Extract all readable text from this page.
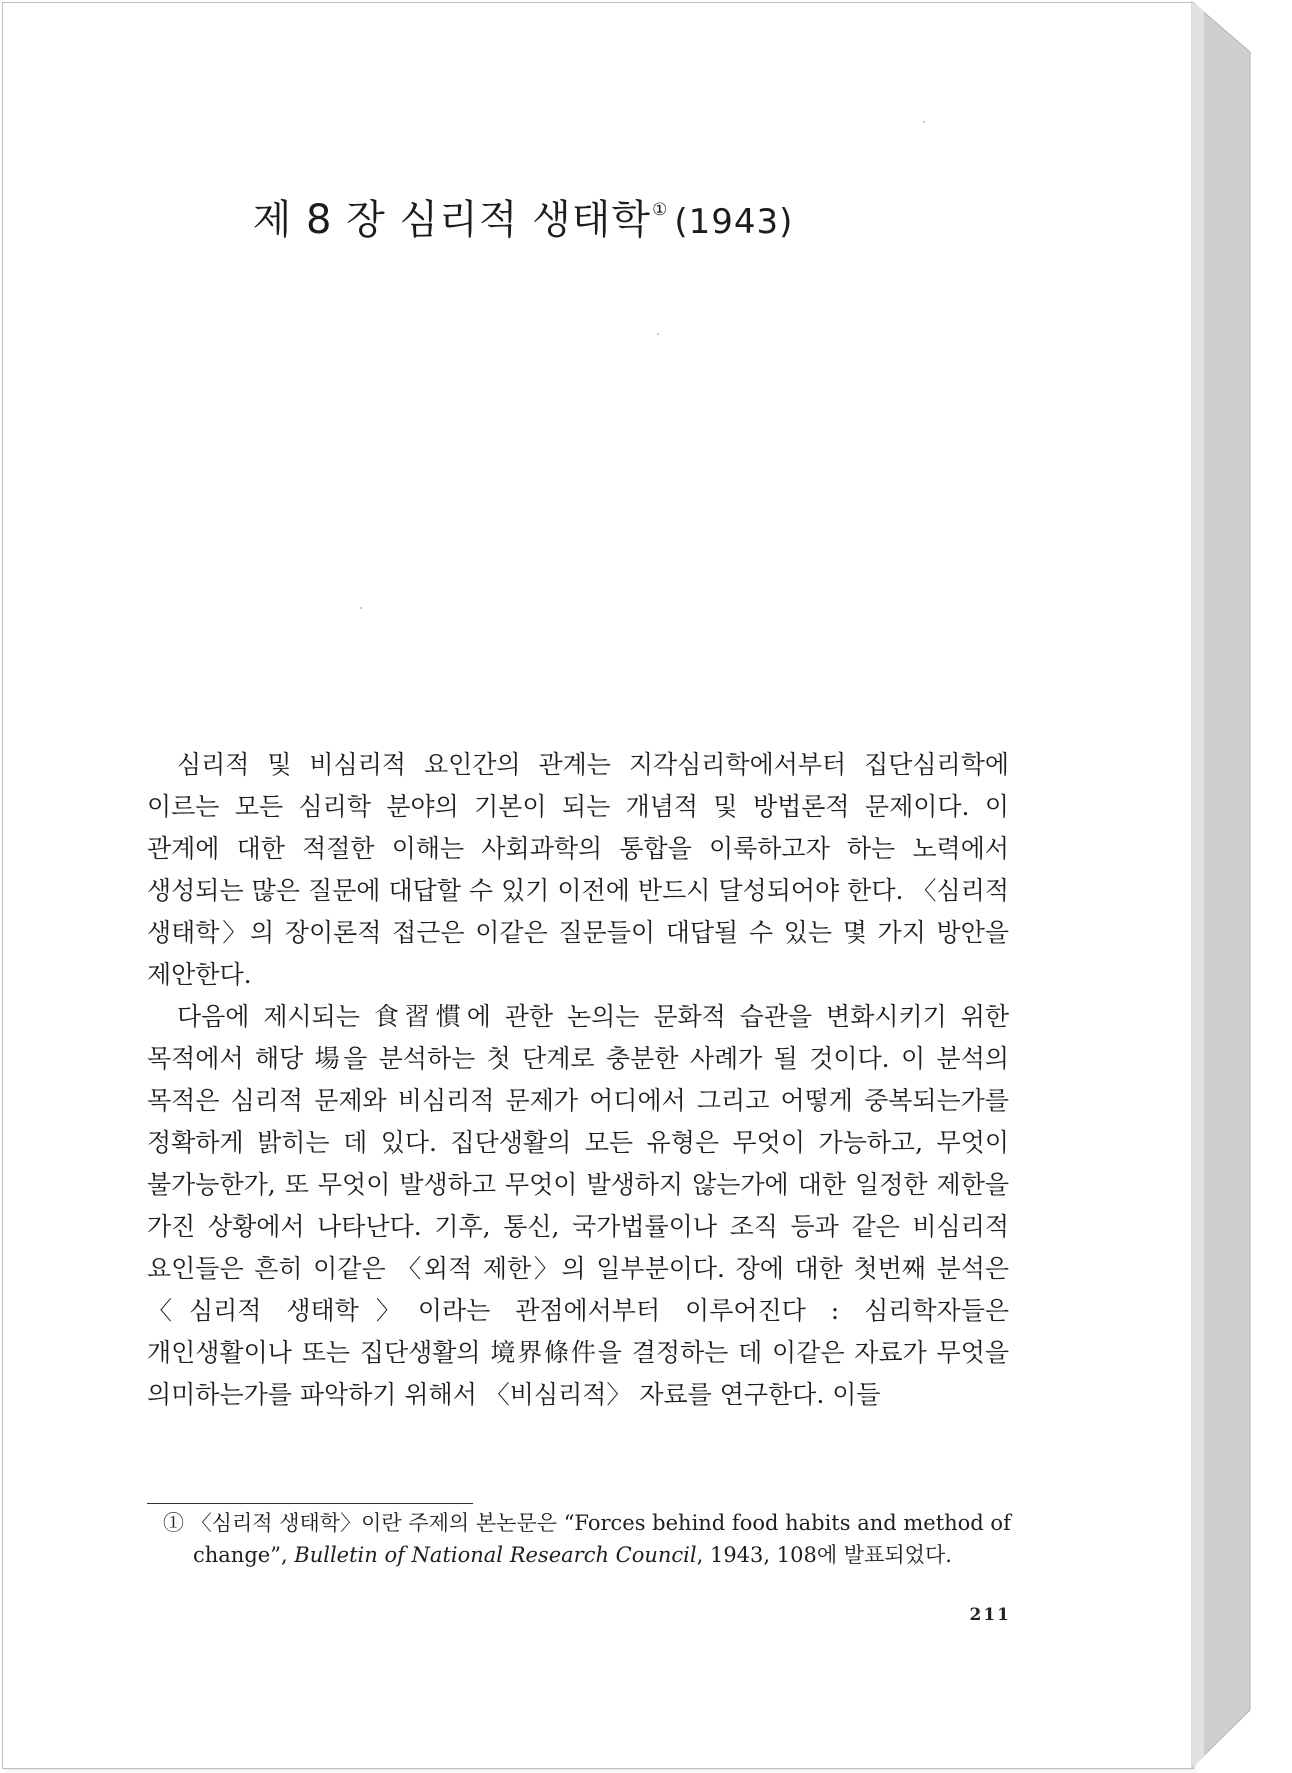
제 8 장 심리적 생태학① (1943)

심리적 및 비심리적 요인간의 관계는 지각심리학에서부터 집단심리학에 이르는 모든 심리학 분야의 기본이 되는 개념적 및 방법론적 문제이다. 이 관계에 대한 적절한 이해는 사회과학의 통합을 이룩하고자 하는 노력에서 생성되는 많은 질문에 대답할 수 있기 이전에 반드시 달성되어야 한다. 〈심리적 생태학〉의 장이론적 접근은 이같은 질문들이 대답될 수 있는 몇 가지 방안을 제안한다.

다음에 제시되는 食習慣에 관한 논의는 문화적 습관을 변화시키기 위한 목적에서 해당 場을 분석하는 첫 단계로 충분한 사례가 될 것이다. 이 분석의 목적은 심리적 문제와 비심리적 문제가 어디에서 그리고 어떻게 중복되는가를 정확하게 밝히는 데 있다. 집단생활의 모든 유형은 무엇이 가능하고, 무엇이 불가능한가, 또 무엇이 발생하고 무엇이 발생하지 않는가에 대한 일정한 제한을 가진 상황에서 나타난다. 기후, 통신, 국가법률이나 조직 등과 같은 비심리적 요인들은 흔히 이같은 〈외적 제한〉의 일부분이다. 장에 대한 첫번째 분석은 〈심리적 생태학〉이라는 관점에서부터 이루어진다 : 심리학자들은 개인생활이나 또는 집단생활의 境界條件을 결정하는 데 이같은 자료가 무엇을 의미하는가를 파악하기 위해서 〈비심리적〉 자료를 연구한다. 이들

① 〈심리적 생태학〉이란 주제의 본논문은 “Forces behind food habits and method of
change”, Bulletin of National Research Council, 1943, 108에 발표되었다.
211
